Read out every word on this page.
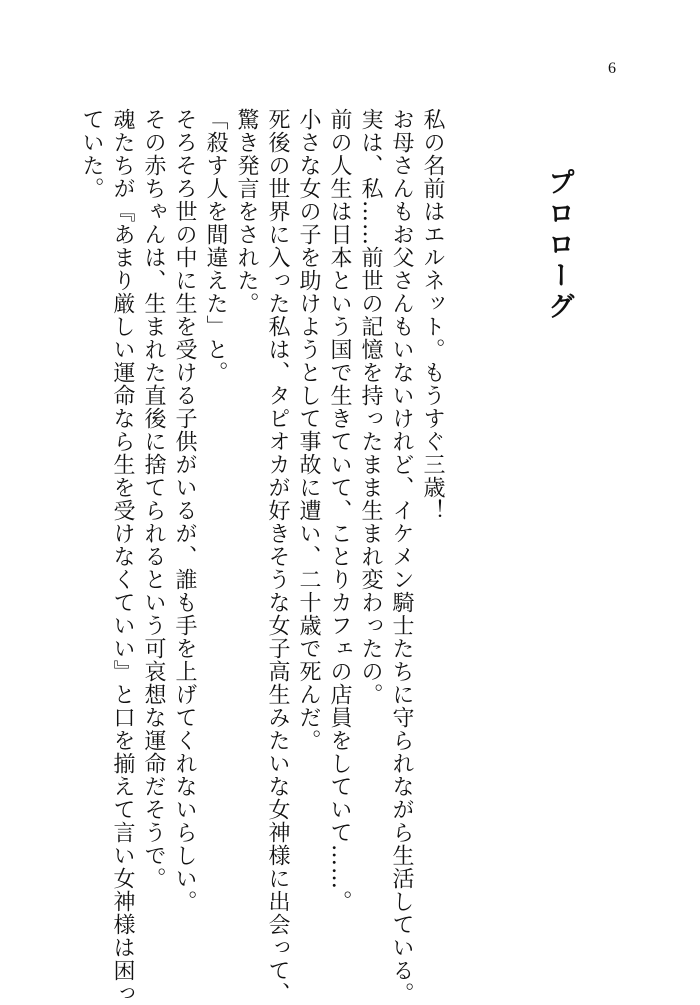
6
プロローグ

私の名前はエルネット。もうすぐ三歳！

お母さんもお父さんもいないけれど、イケメン騎士たちに守られながら生活している。

実は、私……前世の記憶を持ったまま生まれ変わったの。

前の人生は日本という国で生きていて、ことりカフェの店員をしていて……。

小さな女の子を助けようとして事故に遭い、二十歳で死んだ。

死後の世界に入った私は、タピオカが好きそうな女子高生みたいな女神様に出会って、

驚き発言をされた。

「殺す人を間違えた」と。

そろそろ世の中に生を受ける子供がいるが、誰も手を上げてくれないらしい。

その赤ちゃんは、生まれた直後に捨てられるという可哀想な運命だそうで。

魂たちが『あまり厳しい運命なら生を受けなくていい』と口を揃えて言い女神様は困っ

ていた。
